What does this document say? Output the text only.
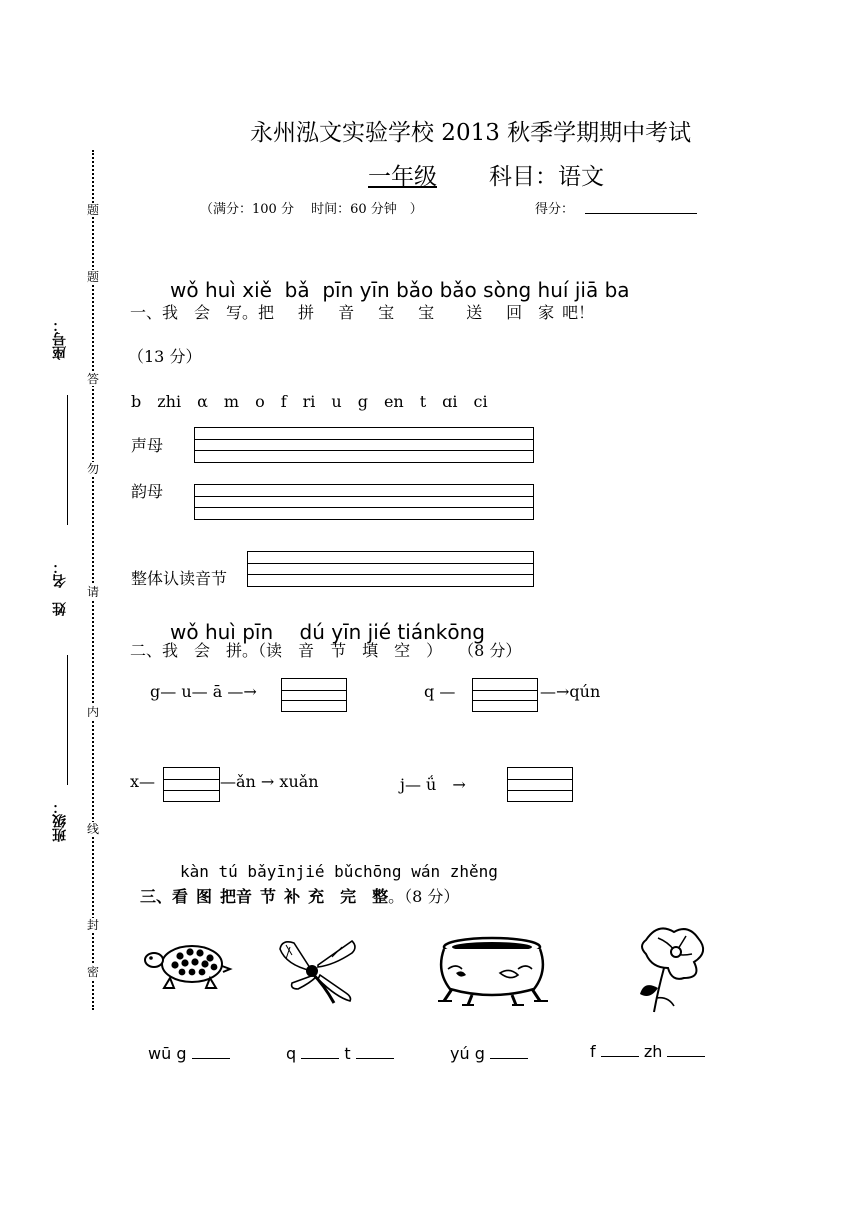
题
题
答
勿
请
内
线
封
密
座号：
姓　名：
班级：
永州泓文实验学校 2013 秋季学期期中考试
一年级 科目：语文
（满分：100 分　 时间：60 分钟　）	得分：
wǒ huì xiě bǎ pīn yīn bǎo bǎo sòng huí jiā ba
一、我  会  写。把   拼   音   宝   宝   送   回  家  吧！
（13 分）
b　zhi　α　m　o　f　ri　u　g　en　t　ɑi　ci
声母
韵母
整体认读音节
wǒ huì pīn　 dú yīn jié tiánkōng
二、我  会  拼。（读  音  节  填  空  ）  （8 分）
g— u— ā —→	q —	—→qún
x—	—ǎn → xuǎn	j— ǘ　→
kàn tú bǎyīnjié bǔchōng wán zhěng
三、看  图  把音  节  补  充  完  整。（8 分）
wū g	q	t	yú g	f	zh
